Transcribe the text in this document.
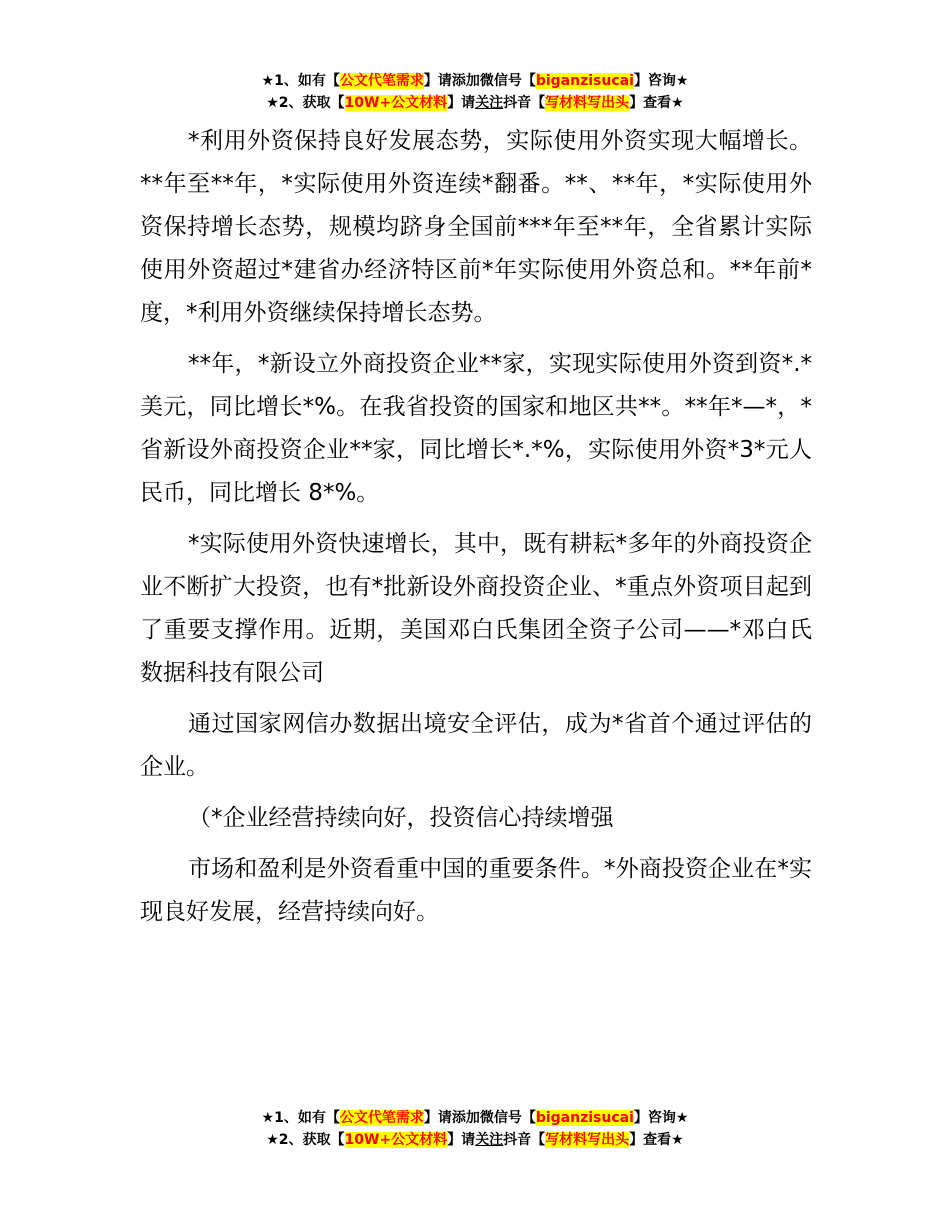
★1、如有【公文代笔需求】请添加微信号【biganzisucai】咨询★
★2、获取【10W+公文材料】请关注抖音【写材料写出头】查看★

*利用外资保持良好发展态势，实际使用外资实现大幅增长。**年至**年，*实际使用外资连续*翻番。**、**年，*实际使用外资保持增长态势，规模均跻身全国前***年至**年，全省累计实际使用外资超过*建省办经济特区前*年实际使用外资总和。**年前*度，*利用外资继续保持增长态势。

**年，*新设立外商投资企业**家，实现实际使用外资到资*.*美元，同比增长*%。在我省投资的国家和地区共**。**年*—*，*省新设外商投资企业**家，同比增长*.*%，实际使用外资*3*元人民币，同比增长 8*%。

*实际使用外资快速增长，其中，既有耕耘*多年的外商投资企业不断扩大投资，也有*批新设外商投资企业、*重点外资项目起到了重要支撑作用。近期，美国邓白氏集团全资子公司——*邓白氏数据科技有限公司

通过国家网信办数据出境安全评估，成为*省首个通过评估的企业。

（*企业经营持续向好，投资信心持续增强

市场和盈利是外资看重中国的重要条件。*外商投资企业在*实现良好发展，经营持续向好。

★1、如有【公文代笔需求】请添加微信号【biganzisucai】咨询★
★2、获取【10W+公文材料】请关注抖音【写材料写出头】查看★
